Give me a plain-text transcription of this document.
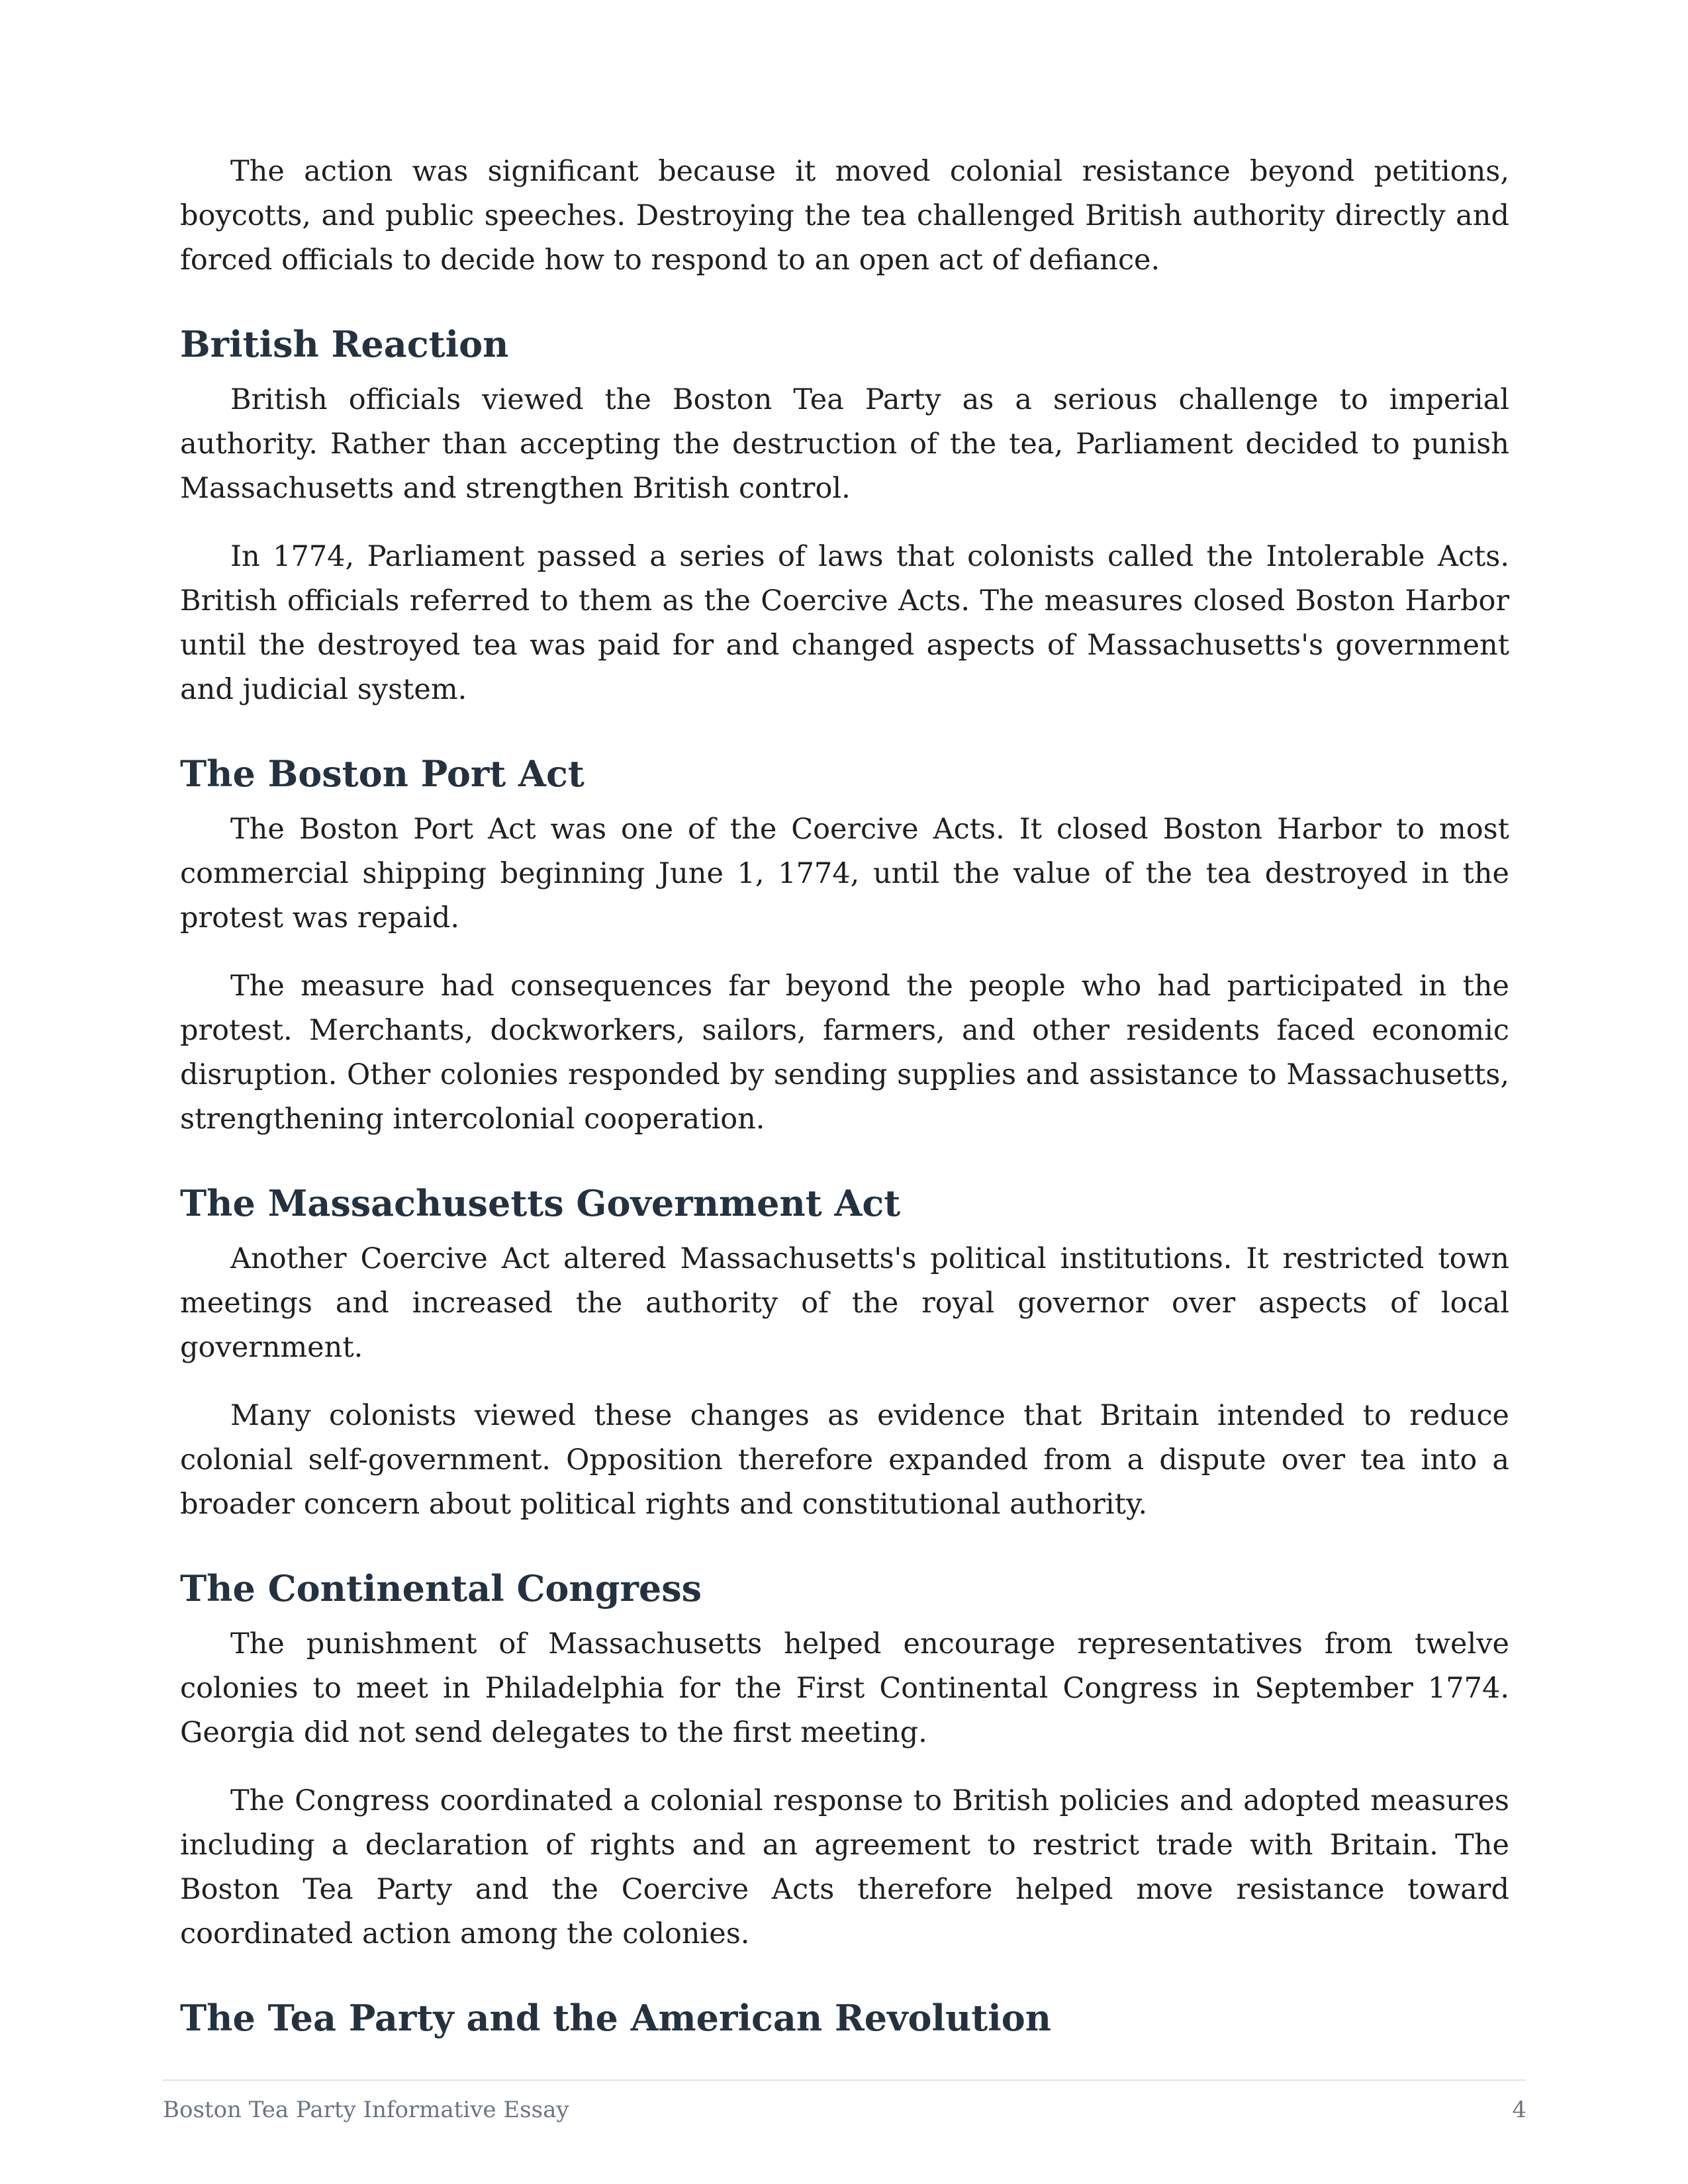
The action was significant because it moved colonial resistance beyond petitions, boycotts, and public speeches. Destroying the tea challenged British authority directly and forced officials to decide how to respond to an open act of defiance.

British Reaction

British officials viewed the Boston Tea Party as a serious challenge to imperial authority. Rather than accepting the destruction of the tea, Parliament decided to punish Massachusetts and strengthen British control.

In 1774, Parliament passed a series of laws that colonists called the Intolerable Acts. British officials referred to them as the Coercive Acts. The measures closed Boston Harbor until the destroyed tea was paid for and changed aspects of Massachusetts's government and judicial system.

The Boston Port Act

The Boston Port Act was one of the Coercive Acts. It closed Boston Harbor to most commercial shipping beginning June 1, 1774, until the value of the tea destroyed in the protest was repaid.

The measure had consequences far beyond the people who had participated in the protest. Merchants, dockworkers, sailors, farmers, and other residents faced economic disruption. Other colonies responded by sending supplies and assistance to Massachusetts, strengthening intercolonial cooperation.

The Massachusetts Government Act

Another Coercive Act altered Massachusetts's political institutions. It restricted town meetings and increased the authority of the royal governor over aspects of local government.

Many colonists viewed these changes as evidence that Britain intended to reduce colonial self-government. Opposition therefore expanded from a dispute over tea into a broader concern about political rights and constitutional authority.

The Continental Congress

The punishment of Massachusetts helped encourage representatives from twelve colonies to meet in Philadelphia for the First Continental Congress in September 1774. Georgia did not send delegates to the first meeting.

The Congress coordinated a colonial response to British policies and adopted measures including a declaration of rights and an agreement to restrict trade with Britain. The Boston Tea Party and the Coercive Acts therefore helped move resistance toward coordinated action among the colonies.

The Tea Party and the American Revolution
Boston Tea Party Informative Essay	4
